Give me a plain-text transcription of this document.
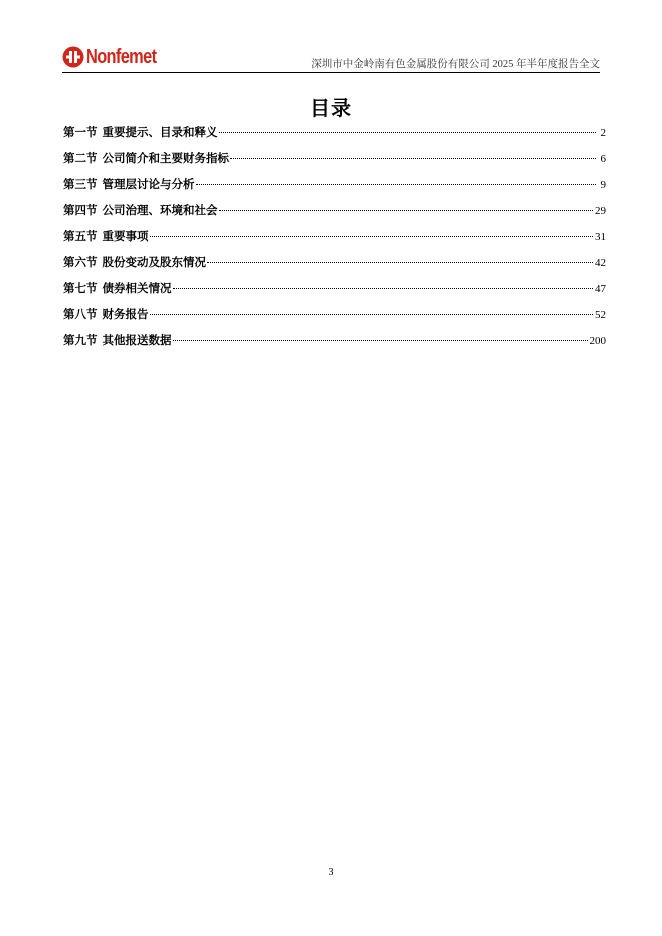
Nonfemet	深圳市中金岭南有色金属股份有限公司 2025 年半年度报告全文
目录
第一节 重要提示、目录和释义	2
第二节 公司简介和主要财务指标	6
第三节 管理层讨论与分析	9
第四节 公司治理、环境和社会	29
第五节 重要事项	31
第六节 股份变动及股东情况	42
第七节 债券相关情况	47
第八节 财务报告	52
第九节 其他报送数据	200
3
